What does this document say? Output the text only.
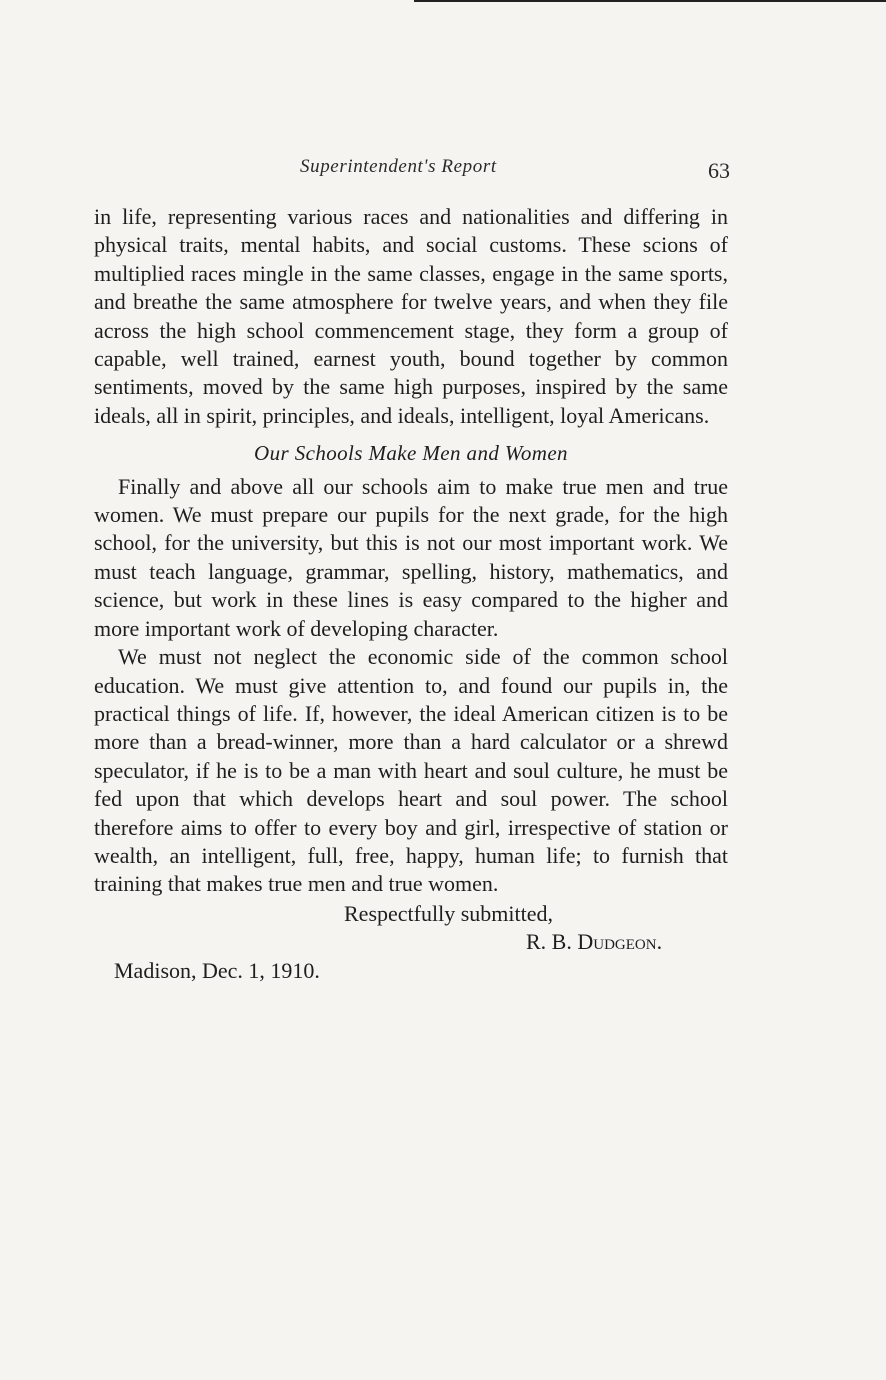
Superintendent's Report	63

in life, representing various races and nationalities and differing in physical traits, mental habits, and social customs. These scions of multiplied races mingle in the same classes, engage in the same sports, and breathe the same atmosphere for twelve years, and when they file across the high school commencement stage, they form a group of capable, well trained, earnest youth, bound together by common sentiments, moved by the same high purposes, inspired by the same ideals, all in spirit, principles, and ideals, intelligent, loyal Americans.

Our Schools Make Men and Women

Finally and above all our schools aim to make true men and true women. We must prepare our pupils for the next grade, for the high school, for the university, but this is not our most important work. We must teach language, grammar, spelling, history, mathematics, and science, but work in these lines is easy compared to the higher and more important work of developing character.

We must not neglect the economic side of the common school education. We must give attention to, and found our pupils in, the practical things of life. If, however, the ideal American citizen is to be more than a bread-winner, more than a hard calculator or a shrewd speculator, if he is to be a man with heart and soul culture, he must be fed upon that which develops heart and soul power. The school therefore aims to offer to every boy and girl, irrespective of station or wealth, an intelligent, full, free, happy, human life; to furnish that training that makes true men and true women.

Respectfully submitted,
R. B. Dudgeon.
Madison, Dec. 1, 1910.
